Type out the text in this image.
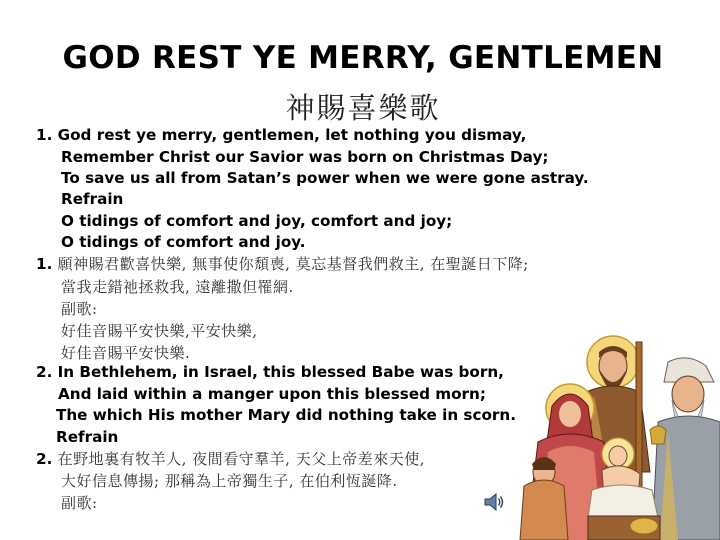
GOD REST YE MERRY, GENTLEMEN
神賜喜樂歌
1. God rest ye merry, gentlemen, let nothing you dismay,
Remember Christ our Savior was born on Christmas Day;
To save us all from Satan’s power when we were gone astray.
Refrain
O tidings of comfort and joy, comfort and joy;
O tidings of comfort and joy.
1. 願神賜君歡喜快樂, 無事使你頹喪, 莫忘基督我們救主, 在聖誕日下降;
當我走錯祂拯救我, 遠離撒但罹網.
副歌:
好佳音賜平安快樂,平安快樂,
好佳音賜平安快樂.
2. In Bethlehem, in Israel, this blessed Babe was born,
And laid within a manger upon this blessed morn;
The which His mother Mary did nothing take in scorn.
Refrain
2. 在野地裏有牧羊人, 夜間看守羣羊, 天父上帝差來天使,
大好信息傳揚; 那稱為上帝獨生子, 在伯利恆誕降.
副歌:
